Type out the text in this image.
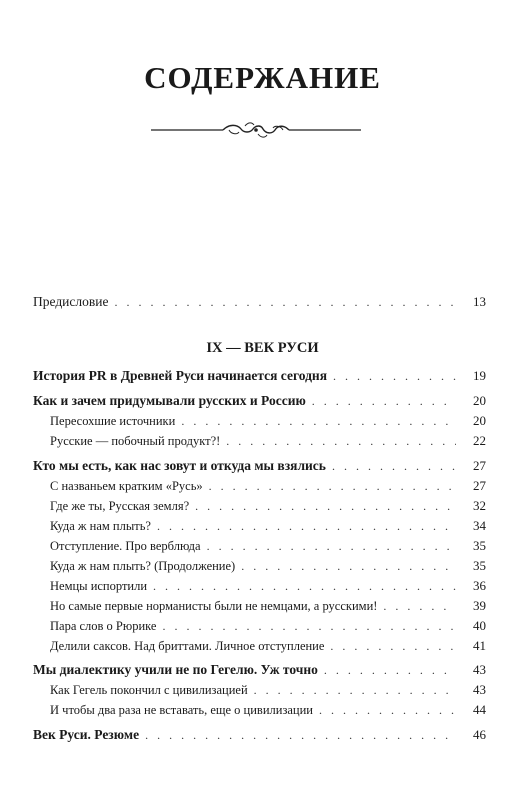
СОДЕРЖАНИЕ
Предисловие . . .	13
IX — ВЕК РУСИ
История PR в Древней Руси начинается сегодня . . .	19
Как и зачем придумывали русских и Россию . . .	20
Пересохшие источники . . .	20
Русские — побочный продукт?! . . .	22
Кто мы есть, как нас зовут и откуда мы взялись . . .	27
С названьем кратким «Русь» . . .	27
Где же ты, Русская земля? . . .	32
Куда ж нам плыть? . . .	34
Отступление. Про верблюда . . .	35
Куда ж нам плыть? (Продолжение) . . .	35
Немцы испортили . . .	36
Но самые первые норманисты были не немцами, а русскими! . . .	39
Пара слов о Рюрике . . .	40
Делили саксов. Над бриттами. Личное отступление . . .	41
Мы диалектику учили не по Гегелю. Уж точно . . .	43
Как Гегель покончил с цивилизацией . . .	43
И чтобы два раза не вставать, еще о цивилизации . . .	44
Век Руси. Резюме . . .	46
